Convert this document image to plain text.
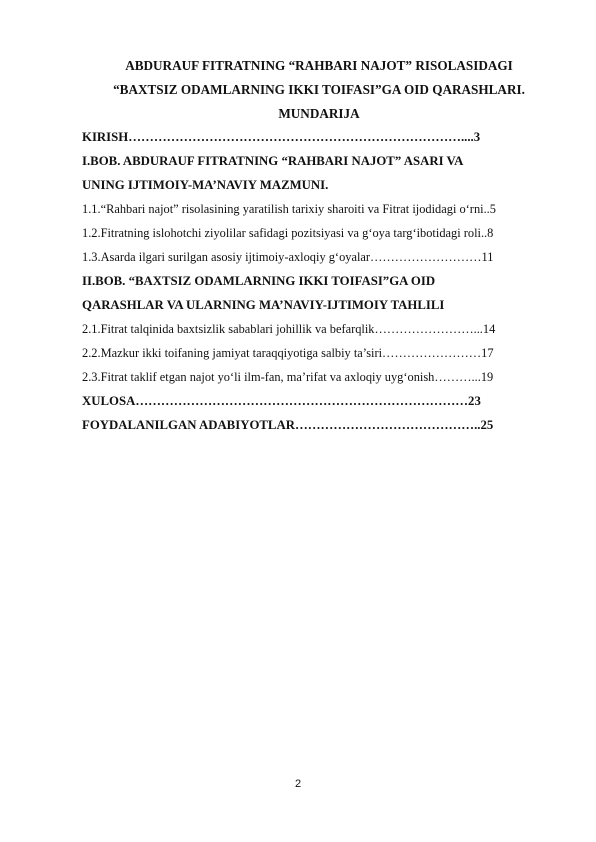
ABDURAUF FITRATNING “RAHBARI NAJOT” RISOLASIDAGI
“BAXTSIZ ODAMLARNING IKKI TOIFASI”GA OID QARASHLARI.
MUNDARIJA
KIRISH……………………………………………………………………....3
I.BOB. ABDURAUF FITRATNING “RAHBARI NAJOT” ASARI VA
UNING IJTIMOIY-MA’NAVIY MAZMUNI.
1.1.“Rahbari najot” risolasining yaratilish tarixiy sharoiti va Fitrat ijodidagi o‘rni..5
1.2.Fitratning islohotchi ziyolilar safidagi pozitsiyasi va g‘oya targ‘ibotidagi roli..8
1.3.Asarda ilgari surilgan asosiy ijtimoiy-axloqiy g‘oyalar………………………11
II.BOB. “BAXTSIZ ODAMLARNING IKKI TOIFASI”GA OID
QARASHLAR VA ULARNING MA’NAVIY-IJTIMOIY TAHLILI
2.1.Fitrat talqinida baxtsizlik sabablari johillik va befarqlik……………………...14
2.2.Mazkur ikki toifaning jamiyat taraqqiyotiga salbiy ta’siri……………………17
2.3.Fitrat taklif etgan najot yo‘li ilm-fan, ma’rifat va axloqiy uyg‘onish………...19
XULOSA……………………………………………………………………23
FOYDALANILGAN ADABIYOTLAR……………………………………..25
2
